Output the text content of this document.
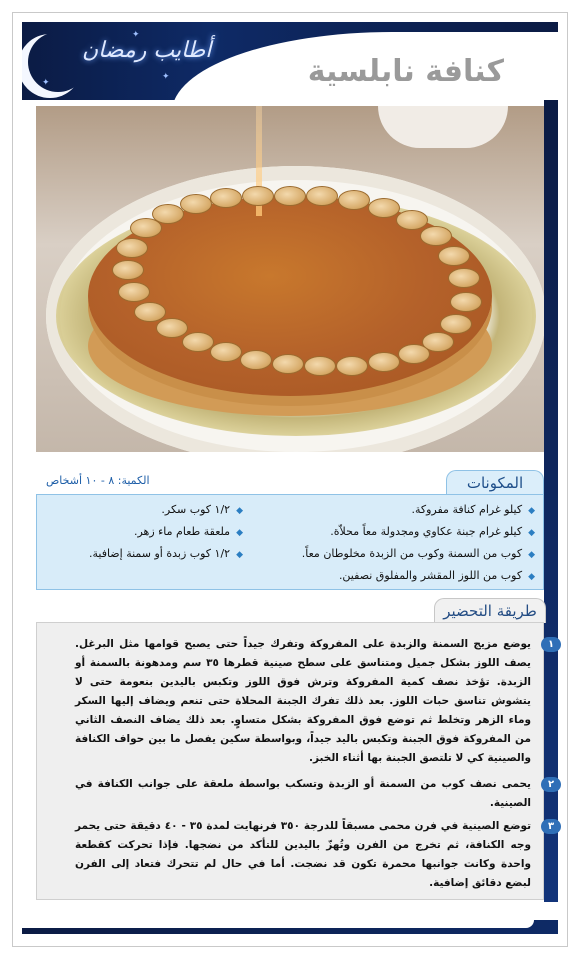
✦
✦
✦
أطايب رمضان
كنافة نابلسية
المكونات
الكمية: ٨ - ١٠ أشخاص
◆كيلو غرام كنافة مفروكة.
◆كيلو غرام جبنة عكاوي ومجدولة معاً محلاّة.
◆كوب من السمنة وكوب من الزبدة مخلوطان معاً.
◆كوب من اللوز المقشر والمفلوق نصفين.
◆١/٢ كوب سكر.
◆ملعقة طعام ماء زهر.
◆١/٢ كوب زبدة أو سمنة إضافية.
طريقة التحضير
١
يوضع مزيج السمنة والزبدة على المفروكة وتفرك جيداً حتى يصبح قوامها مثل البرغل. يصف اللوز بشكل جميل ومتناسق على سطح صينية قطرها ٣٥ سم ومدهونة بالسمنة أو الزبدة. تؤخذ نصف كمية المفروكة وترش فوق اللوز وتكبس باليدين بنعومة حتى لا يتشوش تناسق حبات اللوز. بعد ذلك تفرك الجبنة المحلاة حتى تنعم ويضاف إليها السكر وماء الزهر وتخلط ثم توضع فوق المفروكة بشكل متساوٍ. بعد ذلك يضاف النصف الثاني من المفروكة فوق الجبنة وتكبس باليد جيداً، وبواسطة سكين يفصل ما بين حواف الكنافة والصينية كي لا تلتصق الجبنة بها أثناء الخبز.
٢
يحمى نصف كوب من السمنة أو الزبدة وتسكب بواسطة ملعقة على جوانب الكنافة في الصينية.
٣
توضع الصينية في فرن محمى مسبقاً للدرجة ٣٥٠ فرنهايت لمدة ٣٥ - ٤٠ دقيقة حتى يحمر وجه الكنافة، ثم تخرج من الفرن وتُهزّ باليدين للتأكد من نضجها. فإذا تحركت كقطعة واحدة وكانت جوانبها محمرة تكون قد نضجت. أما في حال لم تتحرك فتعاد إلى الفرن لبضع دقائق إضافية.
